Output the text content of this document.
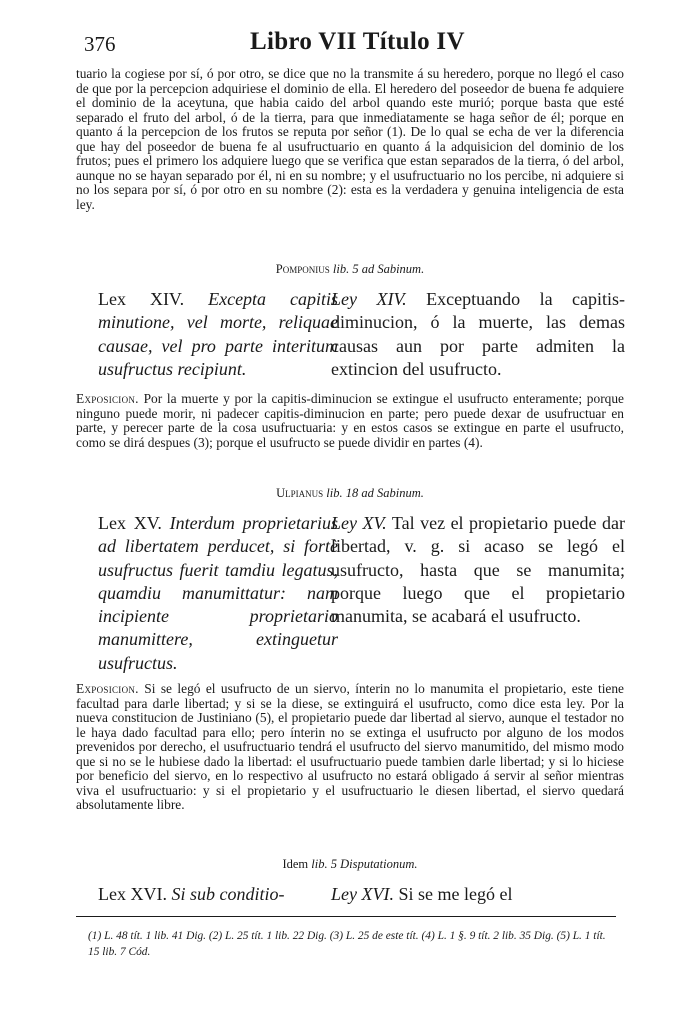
376	Libro VII Título IV

tuario la cogiese por sí, ó por otro, se dice que no la transmite á su heredero, porque no llegó el caso de que por la percepcion adquiriese el dominio de ella. El heredero del poseedor de buena fe adquiere el dominio de la aceytuna, que habia caido del arbol quando este murió; porque basta que esté separado el fruto del arbol, ó de la tierra, para que inmediatamente se haga señor de él; porque en quanto á la percepcion de los frutos se reputa por señor (1). De lo qual se echa de ver la diferencia que hay del poseedor de buena fe al usufructuario en quanto á la adquisicion del dominio de los frutos; pues el primero los adquiere luego que se verifica que estan separados de la tierra, ó del arbol, aunque no se hayan separado por él, ni en su nombre; y el usufructuario no los percibe, ni adquiere si no los separa por sí, ó por otro en su nombre (2): esta es la verdadera y genuina inteligencia de esta ley.

Pomponius lib. 5 ad Sabinum.

Lex XIV. Excepta capitis minutione, vel morte, reliquae causae, vel pro parte interitum usufructus recipiunt.

Ley XIV. Exceptuando la capitis-diminucion, ó la muerte, las demas causas aun por parte admiten la extincion del usufructo.

Exposicion. Por la muerte y por la capitis-diminucion se extingue el usufructo enteramente; porque ninguno puede morir, ni padecer capitis-diminucion en parte; pero puede dexar de usufructuar en parte, y perecer parte de la cosa usufructuaria: y en estos casos se extingue en parte el usufructo, como se dirá despues (3); porque el usufructo se puede dividir en partes (4).

Ulpianus lib. 18 ad Sabinum.

Lex XV. Interdum proprietarius ad libertatem perducet, si fortè usufructus fuerit tamdiu legatus, quamdiu manumittatur: nam incipiente proprietario manumittere, extinguetur usufructus.

Ley XV. Tal vez el propietario puede dar libertad, v. g. si acaso se legó el usufructo, hasta que se manumita; porque luego que el propietario manumita, se acabará el usufructo.

Exposicion. Si se legó el usufructo de un siervo, ínterin no lo manumita el propietario, este tiene facultad para darle libertad; y si se la diese, se extinguirá el usufructo, como dice esta ley. Por la nueva constitucion de Justiniano (5), el propietario puede dar libertad al siervo, aunque el testador no le haya dado facultad para ello; pero ínterin no se extinga el usufructo por alguno de los modos prevenidos por derecho, el usufructuario tendrá el usufructo del siervo manumitido, del mismo modo que si no se le hubiese dado la libertad: el usufructuario puede tambien darle libertad; y si lo hiciese por beneficio del siervo, en lo respectivo al usufructo no estará obligado á servir al señor mientras viva el usufructuario: y si el propietario y el usufructuario le diesen libertad, el siervo quedará absolutamente libre.

Idem lib. 5 Disputationum.

Lex XVI. Si sub conditio-	Ley XVI. Si se me legó el

(1) L. 48 tít. 1 lib. 41 Dig. (2) L. 25 tít. 1 lib. 22 Dig. (3) L. 25 de este tít. (4) L. 1 §. 9 tít. 2 lib. 35 Dig. (5) L. 1 tít. 15 lib. 7 Cód.
